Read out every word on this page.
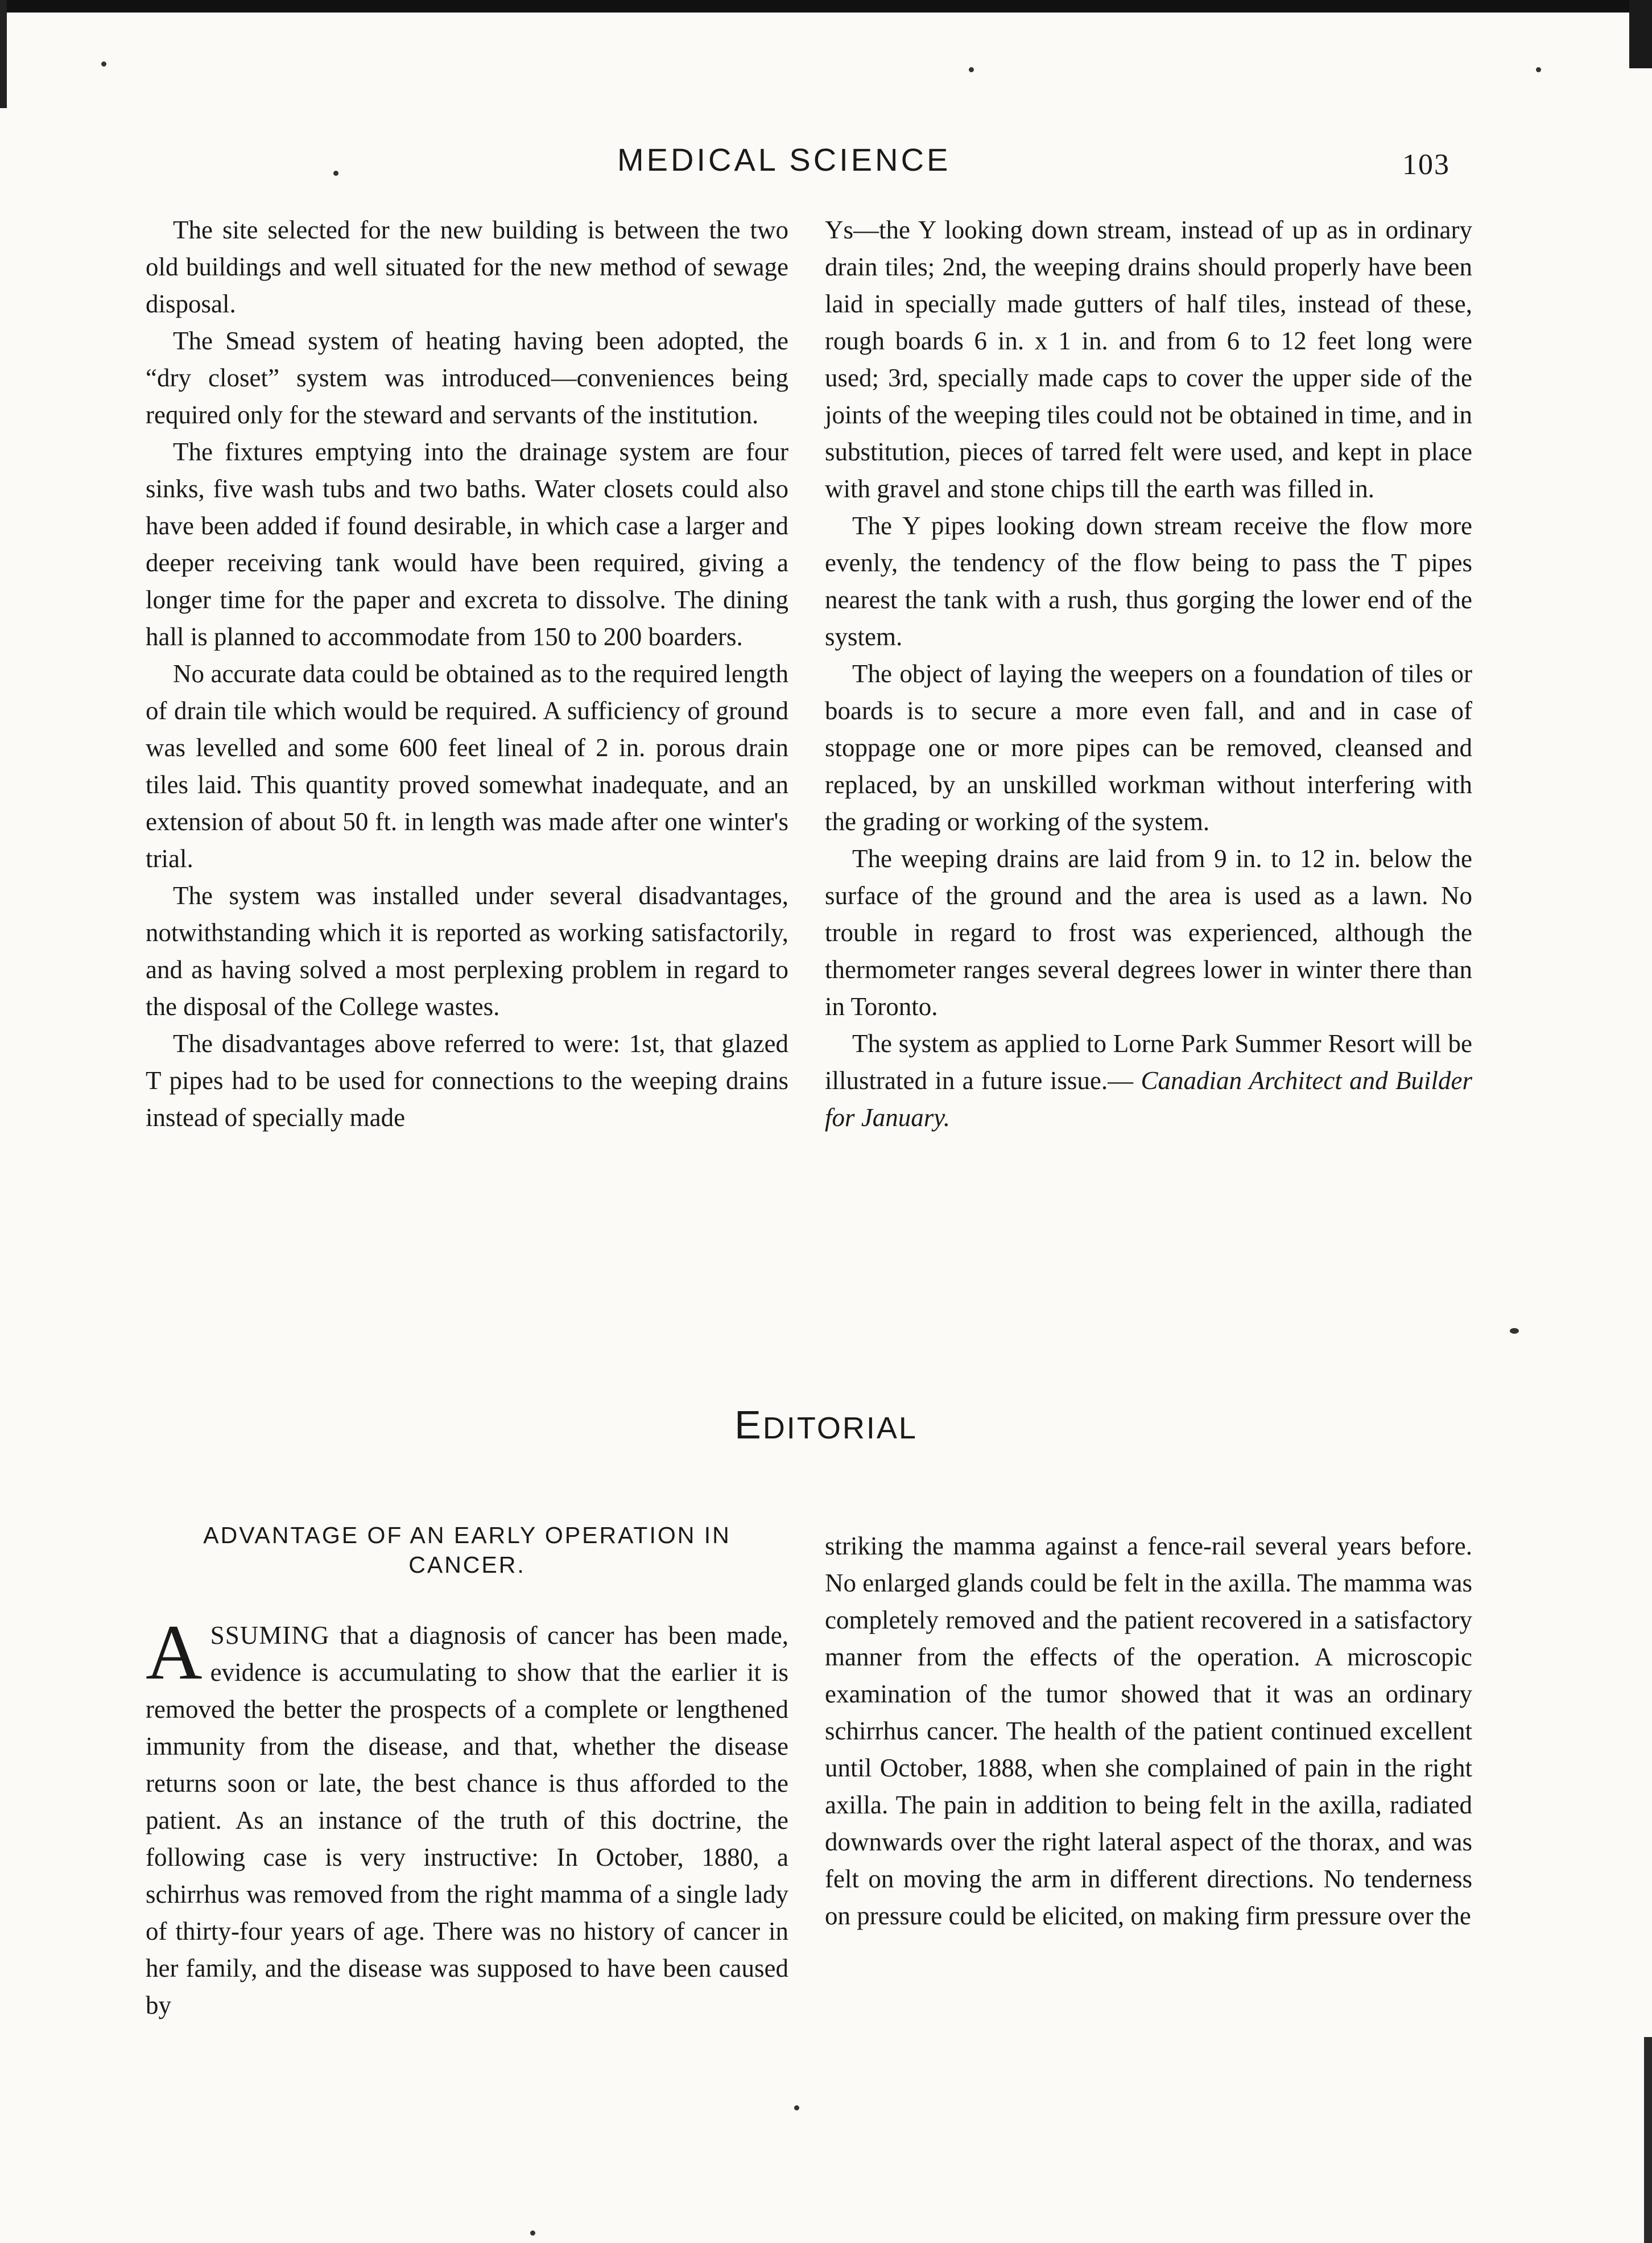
MEDICAL SCIENCE	103

The site selected for the new building is between the two old buildings and well situated for the new method of sewage disposal.

The Smead system of heating having been adopted, the “dry closet” system was introduced—conveniences being required only for the steward and servants of the institution.

The fixtures emptying into the drainage system are four sinks, five wash tubs and two baths. Water closets could also have been added if found desirable, in which case a larger and deeper receiving tank would have been required, giving a longer time for the paper and excreta to dissolve. The dining hall is planned to accommodate from 150 to 200 boarders.

No accurate data could be obtained as to the required length of drain tile which would be required. A sufficiency of ground was levelled and some 600 feet lineal of 2 in. porous drain tiles laid. This quantity proved somewhat inadequate, and an extension of about 50 ft. in length was made after one winter's trial.

The system was installed under several disadvantages, notwithstanding which it is reported as working satisfactorily, and as having solved a most perplexing problem in regard to the disposal of the College wastes.

The disadvantages above referred to were: 1st, that glazed T pipes had to be used for connections to the weeping drains instead of specially made

Ys—the Y looking down stream, instead of up as in ordinary drain tiles; 2nd, the weeping drains should properly have been laid in specially made gutters of half tiles, instead of these, rough boards 6 in. x 1 in. and from 6 to 12 feet long were used; 3rd, specially made caps to cover the upper side of the joints of the weeping tiles could not be obtained in time, and in substitution, pieces of tarred felt were used, and kept in place with gravel and stone chips till the earth was filled in.

The Y pipes looking down stream receive the flow more evenly, the tendency of the flow being to pass the T pipes nearest the tank with a rush, thus gorging the lower end of the system.

The object of laying the weepers on a foundation of tiles or boards is to secure a more even fall, and and in case of stoppage one or more pipes can be removed, cleansed and replaced, by an unskilled workman without interfering with the grading or working of the system.

The weeping drains are laid from 9 in. to 12 in. below the surface of the ground and the area is used as a lawn. No trouble in regard to frost was experienced, although the thermometer ranges several degrees lower in winter there than in Toronto.

The system as applied to Lorne Park Summer Resort will be illustrated in a future issue.— Canadian Architect and Builder for January.

EDITORIAL
ADVANTAGE OF AN EARLY OPERATION IN CANCER.

ASSUMING that a diagnosis of cancer has been made, evidence is accumulating to show that the earlier it is removed the better the prospects of a complete or lengthened immunity from the disease, and that, whether the disease returns soon or late, the best chance is thus afforded to the patient. As an instance of the truth of this doctrine, the following case is very instructive: In October, 1880, a schirrhus was removed from the right mamma of a single lady of thirty-four years of age. There was no history of cancer in her family, and the disease was supposed to have been caused by

striking the mamma against a fence-rail several years before. No enlarged glands could be felt in the axilla. The mamma was completely removed and the patient recovered in a satisfactory manner from the effects of the operation. A microscopic examination of the tumor showed that it was an ordinary schirrhus cancer. The health of the patient continued excellent until October, 1888, when she complained of pain in the right axilla. The pain in addition to being felt in the axilla, radiated downwards over the right lateral aspect of the thorax, and was felt on moving the arm in different directions. No tenderness on pressure could be elicited, on making firm pressure over the
